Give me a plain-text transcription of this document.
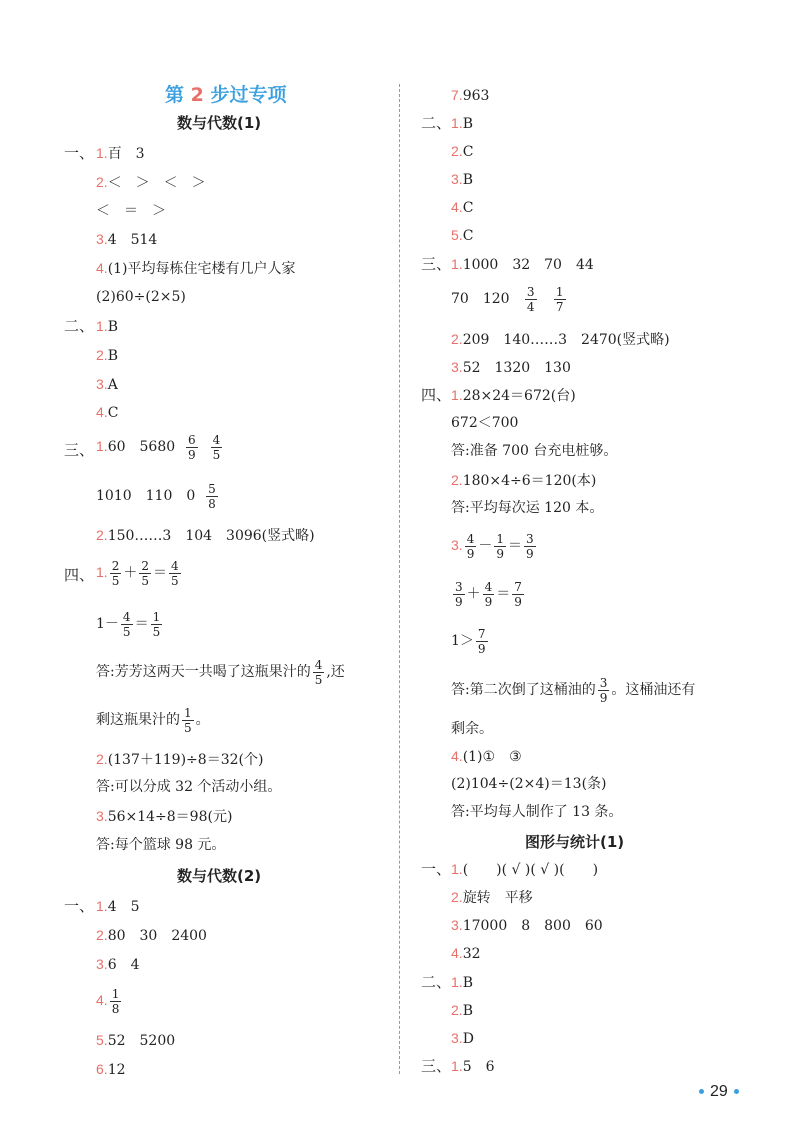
第 2 步过专项
数与代数(1)
一、 1.百　3
2.＜　＞　＜　＞
＜　＝　＞
3.4　514
4.(1)平均每栋住宅楼有几户人家
(2)60÷(2×5)
二、 1.B
2.B
3.A
4.C
三、 1.60　$5680 \frac{6}{9}$
$\frac{4}{5}$
1010　110　$0 \frac{5}{8}$
2.150……3　104　3096(竖式略)
四、 1. $\frac{2}{5} + \frac{2}{5} = \frac{4}{5}$
$1- \frac{4}{5} = \frac{1}{5}$
答:芳芳这两天一共喝了这瓶果汁的 $\frac{4}{5}$ ,还
剩这瓶果汁的 $\frac{1}{5}$ 。
2.(137＋119)÷8＝32(个)
答:可以分成 32 个活动小组。
3.56×14÷8＝98(元)
答:每个篮球 98 元。
数与代数(2)
一、 1.4　5
2.80　30　2400
3.6　4
4. $\frac{1}{8}$
5.52　5200
6.12
7.963
二、 1.B
2.C
3.B
4.C
5.C
三、 1.1000　32　70　44
70　$120 \frac{3}{4}$
$\frac{1}{7}$
2.209　140……3　2470(竖式略)
3.52　1320　130
四、 1.28×24＝672(台)
672＜700
答:准备 700 台充电桩够。
2.180×4÷6＝120(本)
答:平均每次运 120 本。
3. $\frac{4}{9} - \frac{1}{9} = \frac{3}{9}$
$\frac{3}{9} + \frac{4}{9} = \frac{7}{9}$
$1> \frac{7}{9}$
答:第二次倒了这桶油的 $\frac{3}{9}$ 。这桶油还有
剩余。
4.(1)①　③
(2)104÷(2×4)＝13(条)
答:平均每人制作了 13 条。
图形与统计(1)
一、 1.(　　)( √ )( √ )(　　)
2.旋转　平移
3.17000　8　800　60
4.32
二、 1.B
2.B
3.D
三、 1.5　6
29
